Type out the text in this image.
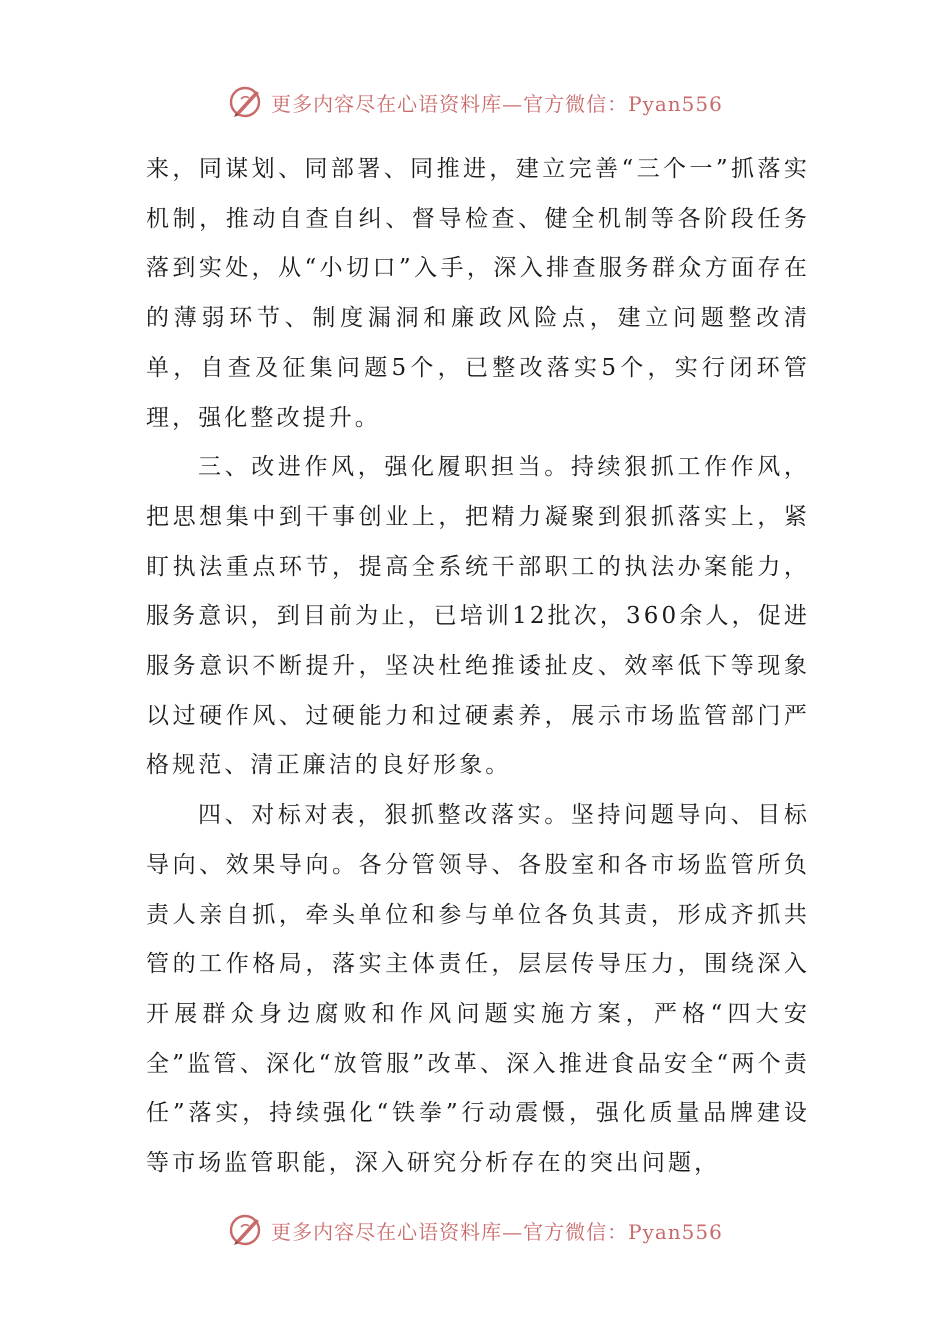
更多内容尽在心语资料库—官方微信：Pyan556

来，同谋划、同部署、同推进，建立完善“三个一”抓落实机制，推动自查自纠、督导检查、健全机制等各阶段任务落到实处，从“小切口”入手，深入排查服务群众方面存在的薄弱环节、制度漏洞和廉政风险点，建立问题整改清单，自查及征集问题5个，已整改落实5个，实行闭环管理，强化整改提升。

三、改进作风，强化履职担当。持续狠抓工作作风，把思想集中到干事创业上，把精力凝聚到狠抓落实上，紧盯执法重点环节，提高全系统干部职工的执法办案能力，服务意识，到目前为止，已培训12批次，360余人，促进服务意识不断提升，坚决杜绝推诿扯皮、效率低下等现象以过硬作风、过硬能力和过硬素养，展示市场监管部门严格规范、清正廉洁的良好形象。

四、对标对表，狠抓整改落实。坚持问题导向、目标导向、效果导向。各分管领导、各股室和各市场监管所负责人亲自抓，牵头单位和参与单位各负其责，形成齐抓共管的工作格局，落实主体责任，层层传导压力，围绕深入开展群众身边腐败和作风问题实施方案，严格“四大安全”监管、深化“放管服”改革、深入推进食品安全“两个责任”落实，持续强化“铁拳”行动震慑，强化质量品牌建设等市场监管职能，深入研究分析存在的突出问题，

更多内容尽在心语资料库—官方微信：Pyan556
